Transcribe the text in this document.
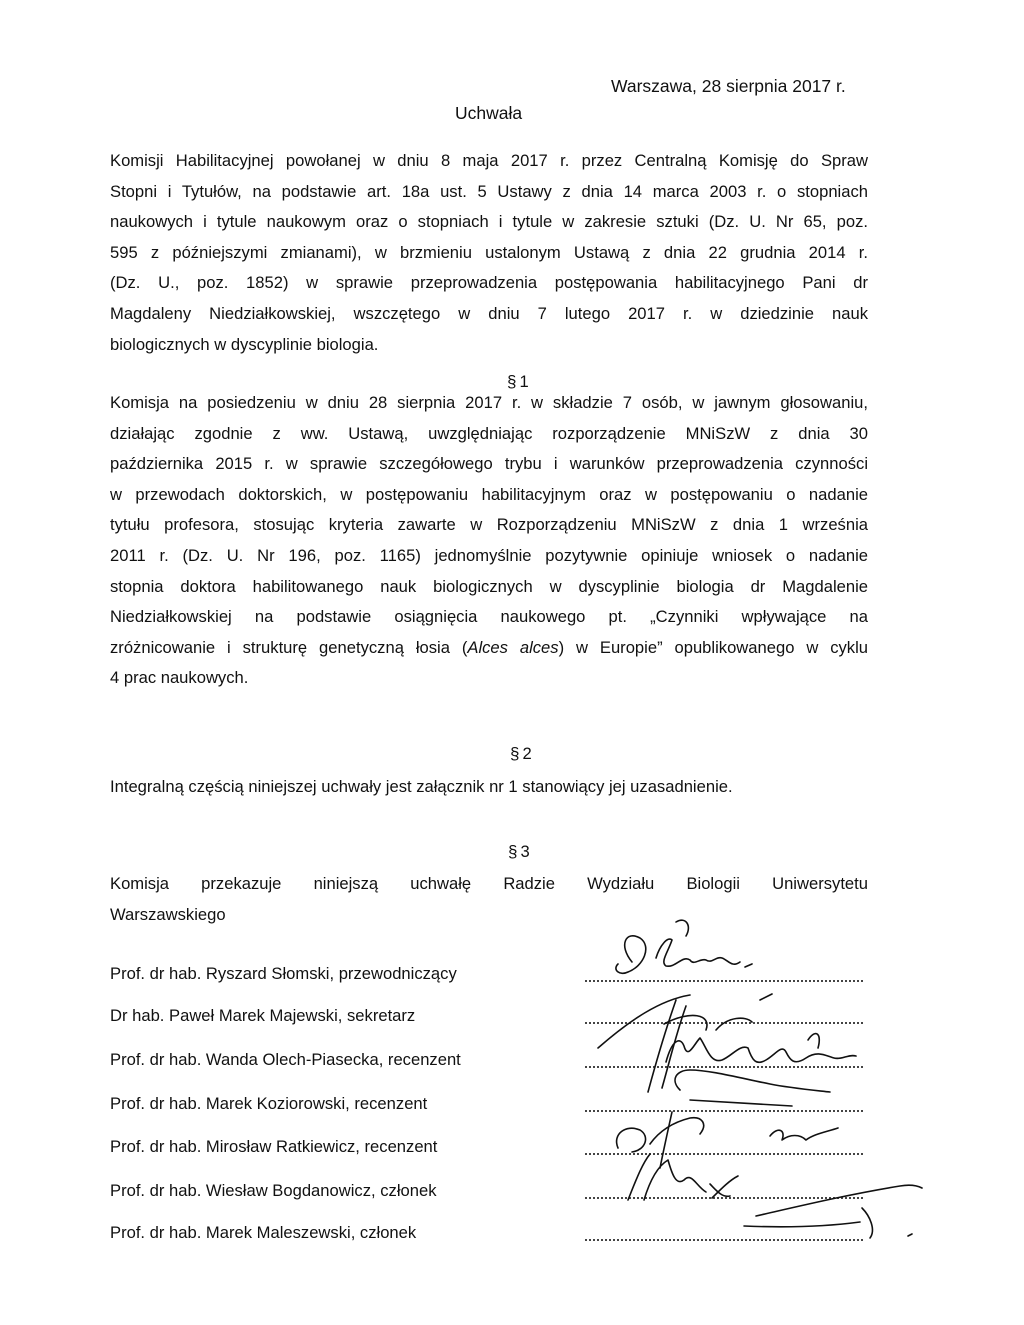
Warszawa, 28 sierpnia 2017 r.
Uchwała
Komisji Habilitacyjnej powołanej w dniu 8 maja 2017 r. przez Centralną Komisję do Spraw
Stopni i Tytułów, na podstawie art. 18a ust. 5 Ustawy z dnia 14 marca 2003 r. o stopniach
naukowych i tytule naukowym oraz o stopniach i tytule w zakresie sztuki (Dz. U. Nr 65, poz.
595 z późniejszymi zmianami), w brzmieniu ustalonym Ustawą z dnia 22 grudnia 2014 r.
(Dz. U., poz. 1852) w sprawie przeprowadzenia postępowania habilitacyjnego Pani dr
Magdaleny Niedziałkowskiej, wszczętego w dniu 7 lutego 2017 r. w dziedzinie nauk
biologicznych w dyscyplinie biologia.
§ 1
Komisja na posiedzeniu w dniu 28 sierpnia 2017 r. w składzie 7 osób, w jawnym głosowaniu,
działając zgodnie z ww. Ustawą, uwzględniając rozporządzenie MNiSzW z dnia 30
października 2015 r. w sprawie szczegółowego trybu i warunków przeprowadzenia czynności
w przewodach doktorskich, w postępowaniu habilitacyjnym oraz w postępowaniu o nadanie
tytułu profesora, stosując kryteria zawarte w Rozporządzeniu MNiSzW z dnia 1 września
2011 r. (Dz. U. Nr 196, poz. 1165) jednomyślnie pozytywnie opiniuje wniosek o nadanie
stopnia doktora habilitowanego nauk biologicznych w dyscyplinie biologia dr Magdalenie
Niedziałkowskiej na podstawie osiągnięcia naukowego pt. „Czynniki wpływające na
zróżnicowanie i strukturę genetyczną łosia (Alces alces) w Europie” opublikowanego w cyklu
4 prac naukowych.
§ 2
Integralną częścią niniejszej uchwały jest załącznik nr 1 stanowiący jej uzasadnienie.
§ 3
Komisja przekazuje niniejszą uchwałę Radzie Wydziału Biologii Uniwersytetu
Warszawskiego
Prof. dr hab. Ryszard Słomski, przewodniczący
Dr hab. Paweł Marek Majewski, sekretarz
Prof. dr hab. Wanda Olech-Piasecka, recenzent
Prof. dr hab. Marek Koziorowski, recenzent
Prof. dr hab. Mirosław Ratkiewicz, recenzent
Prof. dr hab. Wiesław Bogdanowicz, członek
Prof. dr hab. Marek Maleszewski, członek
